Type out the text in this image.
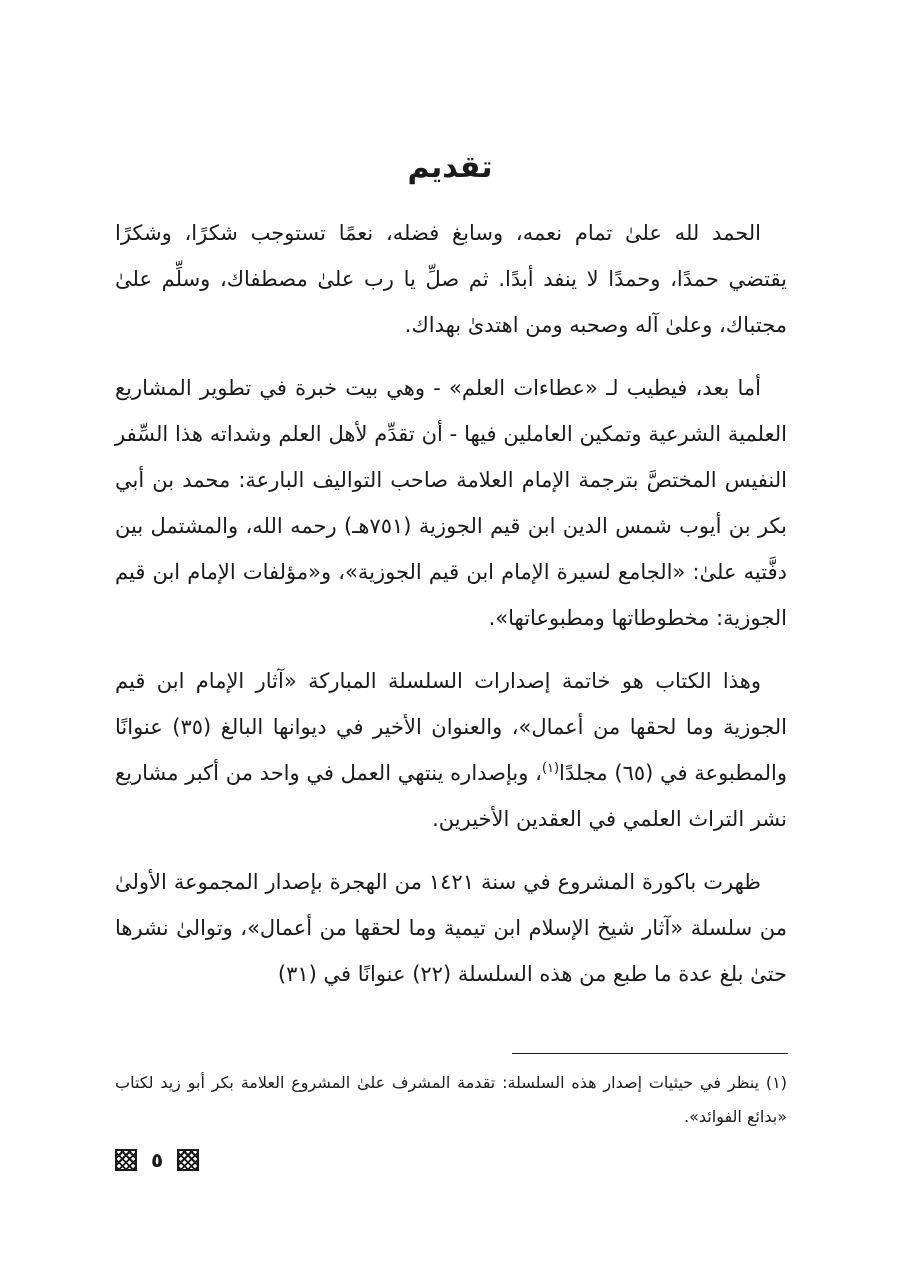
تقديم

الحمد لله علىٰ تمام نعمه، وسابغ فضله، نعمًا تستوجب شكرًا، وشكرًا يقتضي حمدًا، وحمدًا لا ينفد أبدًا. ثم صلِّ يا رب علىٰ مصطفاك، وسلِّم علىٰ مجتباك، وعلىٰ آله وصحبه ومن اهتدىٰ بهداك.

أما بعد، فيطيب لـ «عطاءات العلم» - وهي بيت خبرة في تطوير المشاريع العلمية الشرعية وتمكين العاملين فيها - أن تقدِّم لأهل العلم وشداته هذا السِّفر النفيس المختصَّ بترجمة الإمام العلامة صاحب التواليف البارعة: محمد بن أبي بكر بن أيوب شمس الدين ابن قيم الجوزية (٧٥١هـ) رحمه الله، والمشتمل بين دفَّتيه علىٰ: «الجامع لسيرة الإمام ابن قيم الجوزية»، و«مؤلفات الإمام ابن قيم الجوزية: مخطوطاتها ومطبوعاتها».

وهذا الكتاب هو خاتمة إصدارات السلسلة المباركة «آثار الإمام ابن قيم الجوزية وما لحقها من أعمال»، والعنوان الأخير في ديوانها البالغ (٣٥) عنوانًا والمطبوعة في (٦٥) مجلدًا$^{(١)}$، وبإصداره ينتهي العمل في واحد من أكبر مشاريع نشر التراث العلمي في العقدين الأخيرين.

ظهرت باكورة المشروع في سنة ١٤٢١ من الهجرة بإصدار المجموعة الأولىٰ من سلسلة «آثار شيخ الإسلام ابن تيمية وما لحقها من أعمال»، وتوالىٰ نشرها حتىٰ بلغ عدة ما طبع من هذه السلسلة (٢٢) عنوانًا في (٣١)

(١) ينظر في حيثيات إصدار هذه السلسلة: تقدمة المشرف علىٰ المشروع العلامة بكر أبو زيد لكتاب «بدائع الفوائد».

٥
